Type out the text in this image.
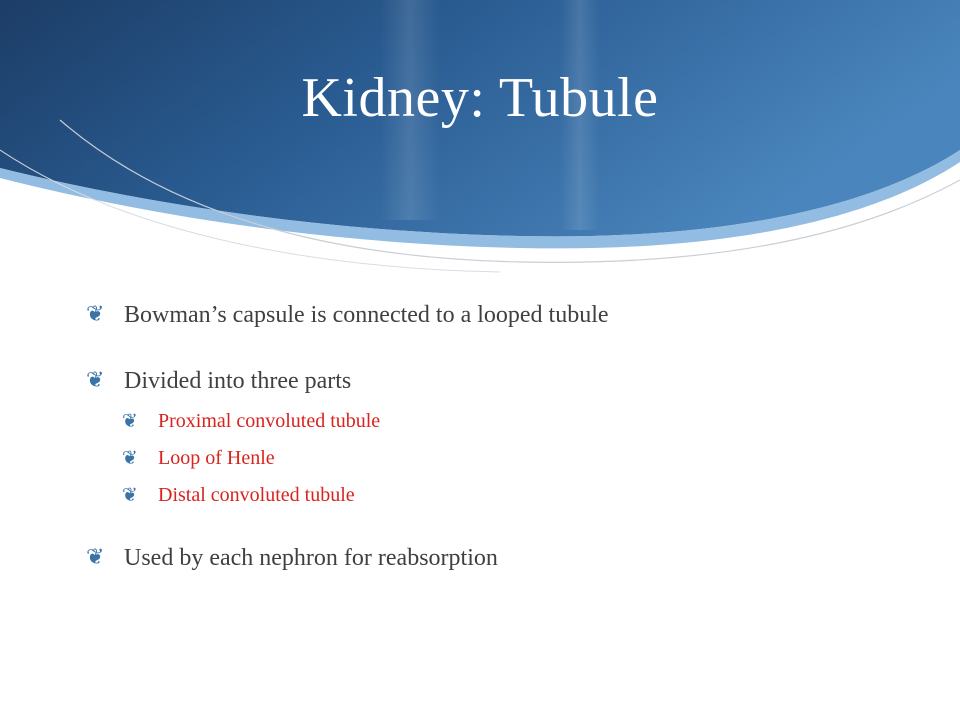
Kidney: Tubule
❦ Bowman’s capsule is connected to a looped tubule
❦ Divided into three parts
❦ Proximal convoluted tubule
❦ Loop of Henle
❦ Distal convoluted tubule
❦ Used by each nephron for reabsorption
